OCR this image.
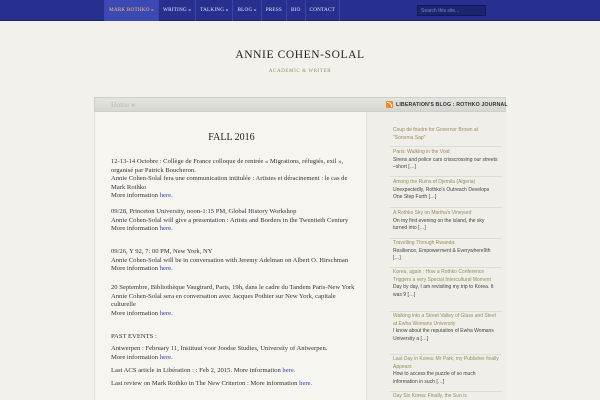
MARK ROTHKO »	WRITING »	TALKING »	BLOG »	PRESS	BIO	CONTACT
Search this site...
ANNIE COHEN-SOLAL
ACADEMIC & WRITER
Home »	LIBERATION'S BLOG : ROTHKO JOURNAL
FALL 2016
12-13-14 Octobre : Collège de France colloque de rentrée « Migrations, réfugiés, exil », organisé par Patrick Boucheron.
Annie Cohen-Solal fera une communication intitulée : Artistes et déracinement : le cas de Mark Rothko
More information here.
09/28, Princeton University, noon-1:15 PM, Global History Workshop
Annie Cohen-Solal will give a presentation : Artists and Borders in the Twentieth Century
More information here.
09/26, Y 92, 7: 00 PM, New York, NY
Annie Cohen-Solal will be in conversation with Jeremy Adelman on Albert O. Hirschman
More information here.
20 Septembre, Bibliothèque Vaugirard, Paris, 19h, dans le cadre du Tandem Paris-New York
Annie Cohen-Solal sera en conversation avec Jacques Pothier sur New York, capitale culturelle
More information here.
PAST EVENTS :
Antwerpen : February 11, Instituut voor Joodse Studies, University of Antwerpen.
More information here.
Last ACS article in Libération : : Feb 2, 2015. More information here.
Last review on Mark Rothko in The New Criterion : More information here.
Coup de foudre for Governor Brown at "Sonoma Sap"
Paris: Walking in the Void
Sirens and police cars crisscrossing our streets –short […]
Among the Ruins of Djemila (Algeria)
Unexpectedly, Rothko's Outreach Develops One Step Furth […]
A Rothko Sky on Martha's Vineyard
On my first evening on the island, the sky turned into […]
Travelling Through Rwanda:
Resilience, Empowerment & Everywhere9th […]
Korea, again : How a Rothko Conference Triggers a very Special Intercultural Moment
Day by day, I am revisiting my trip to Korea. It was 9 […]
Walking into a Street Valley of Glass and Steel at Ewha Womans University
I know about the reputation of Ewha Womans University a […]
Last Day in Korea: Mr Park, my Publisher finally Appears
How to access the puzzle of so much information in such […]
Day Six Korea: Finally, the Sun is
